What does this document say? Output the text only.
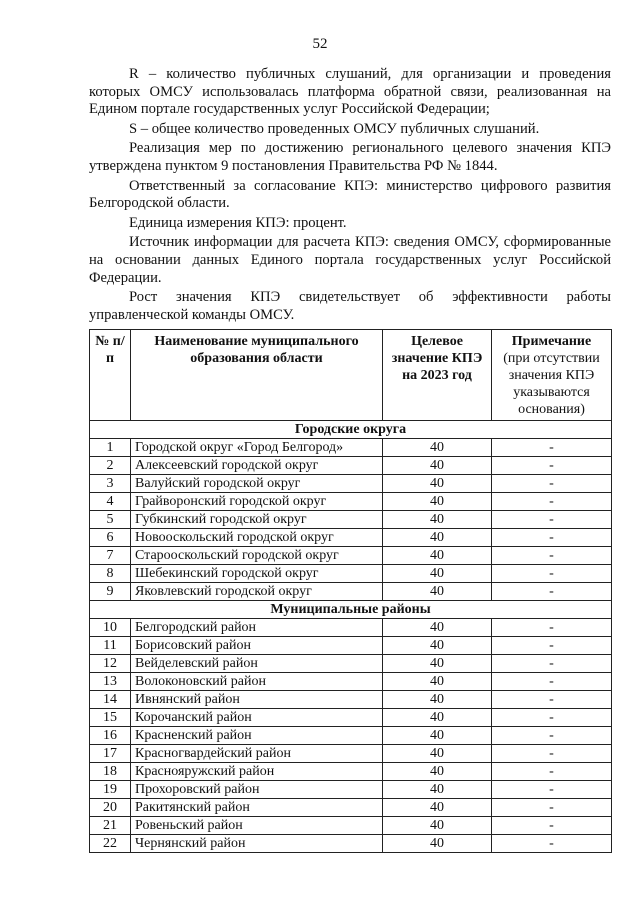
52

R – количество публичных слушаний, для организации и проведения которых ОМСУ использовалась платформа обратной связи, реализованная на Едином портале государственных услуг Российской Федерации;

S – общее количество проведенных ОМСУ публичных слушаний.

Реализация мер по достижению регионального целевого значения КПЭ утверждена пунктом 9 постановления Правительства РФ № 1844.

Ответственный за согласование КПЭ: министерство цифрового развития Белгородской области.

Единица измерения КПЭ: процент.

Источник информации для расчета КПЭ: сведения ОМСУ, сформированные на основании данных Единого портала государственных услуг Российской Федерации.

Рост значения КПЭ свидетельствует об эффективности работы управленческой команды ОМСУ.

№ п/п	Наименование муниципального образования области	Целевое значение КПЭ на 2023 год	Примечание
(при отсутствии значения КПЭ указываются основания)

Городские округа			
1	Городской округ «Город Белгород»	40	-
2	Алексеевский городской округ	40	-
3	Валуйский городской округ	40	-
4	Грайворонский городской округ	40	-
5	Губкинский городской округ	40	-
6	Новооскольский городской округ	40	-
7	Старооскольский городской округ	40	-
8	Шебекинский городской округ	40	-
9	Яковлевский городской округ	40	-
Муниципальные районы			
10	Белгородский район	40	-
11	Борисовский район	40	-
12	Вейделевский район	40	-
13	Волоконовский район	40	-
14	Ивнянский район	40	-
15	Корочанский район	40	-
16	Красненский район	40	-
17	Красногвардейский район	40	-
18	Краснояружский район	40	-
19	Прохоровский район	40	-
20	Ракитянский район	40	-
21	Ровеньский район	40	-
22	Чернянский район	40	-
